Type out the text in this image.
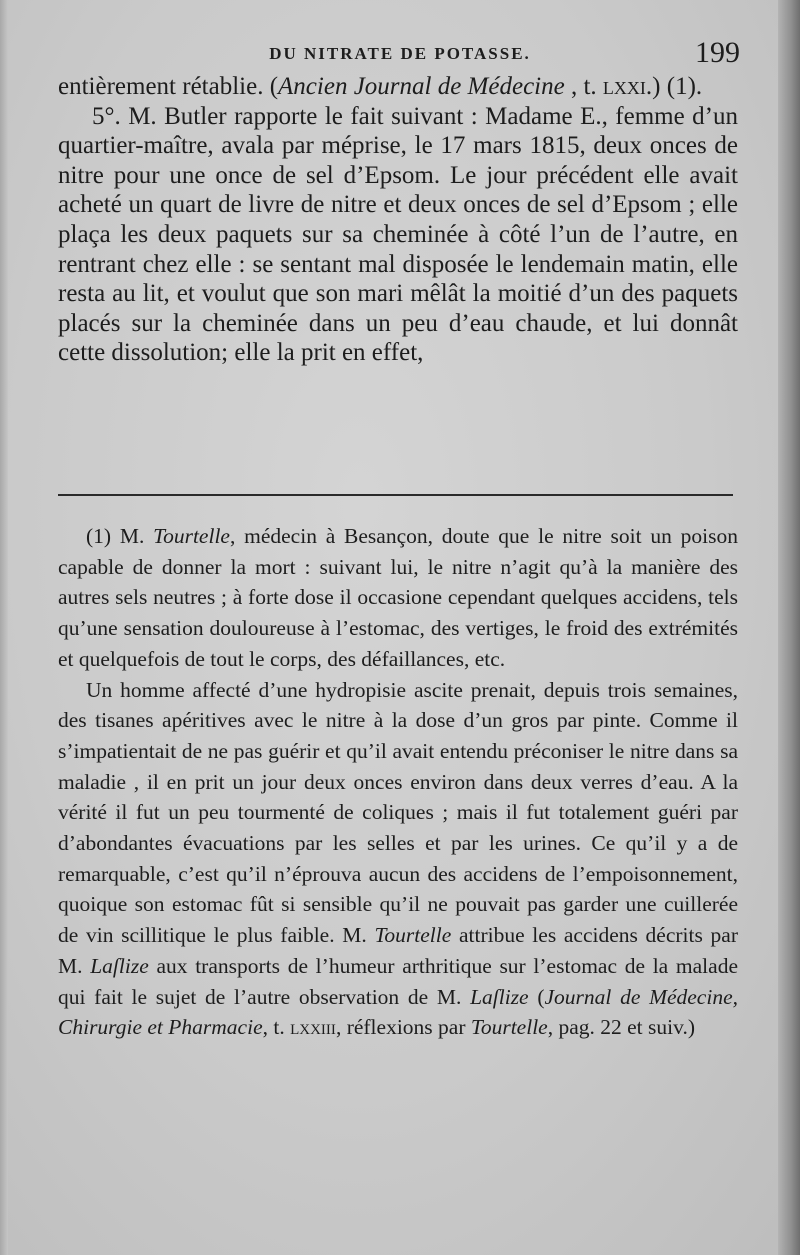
DU NITRATE DE POTASSE.	199

entièrement rétablie. (Ancien Journal de Médecine , t. lxxi.) (1).

5°. M. Butler rapporte le fait suivant : Madame E., femme d’un quartier-maître, avala par méprise, le 17 mars 1815, deux onces de nitre pour une once de sel d’Epsom. Le jour précédent elle avait acheté un quart de livre de nitre et deux onces de sel d’Epsom ; elle plaça les deux paquets sur sa cheminée à côté l’un de l’autre, en rentrant chez elle : se sentant mal disposée le lendemain matin, elle resta au lit, et voulut que son mari mêlât la moitié d’un des paquets placés sur la cheminée dans un peu d’eau chaude, et lui donnât cette dissolution; elle la prit en effet,

(1) M. Tourtelle, médecin à Besançon, doute que le nitre soit un poison capable de donner la mort : suivant lui, le nitre n’agit qu’à la manière des autres sels neutres ; à forte dose il occasione cependant quelques accidens, tels qu’une sensation douloureuse à l’estomac, des vertiges, le froid des extrémités et quelquefois de tout le corps, des défaillances, etc.

Un homme affecté d’une hydropisie ascite prenait, depuis trois semaines, des tisanes apéritives avec le nitre à la dose d’un gros par pinte. Comme il s’impatientait de ne pas guérir et qu’il avait entendu préconiser le nitre dans sa maladie , il en prit un jour deux onces environ dans deux verres d’eau. A la vérité il fut un peu tourmenté de coliques ; mais il fut totalement guéri par d’abondantes évacuations par les selles et par les urines. Ce qu’il y a de remarquable, c’est qu’il n’éprouva aucun des accidens de l’empoisonnement, quoique son estomac fût si sensible qu’il ne pouvait pas garder une cuillerée de vin scillitique le plus faible. M. Tourtelle attribue les accidens décrits par M. Laſlize aux transports de l’humeur arthritique sur l’estomac de la malade qui fait le sujet de l’autre observation de M. Laſlize (Journal de Médecine, Chirurgie et Pharmacie, t. lxxiii, réflexions par Tourtelle, pag. 22 et suiv.)
